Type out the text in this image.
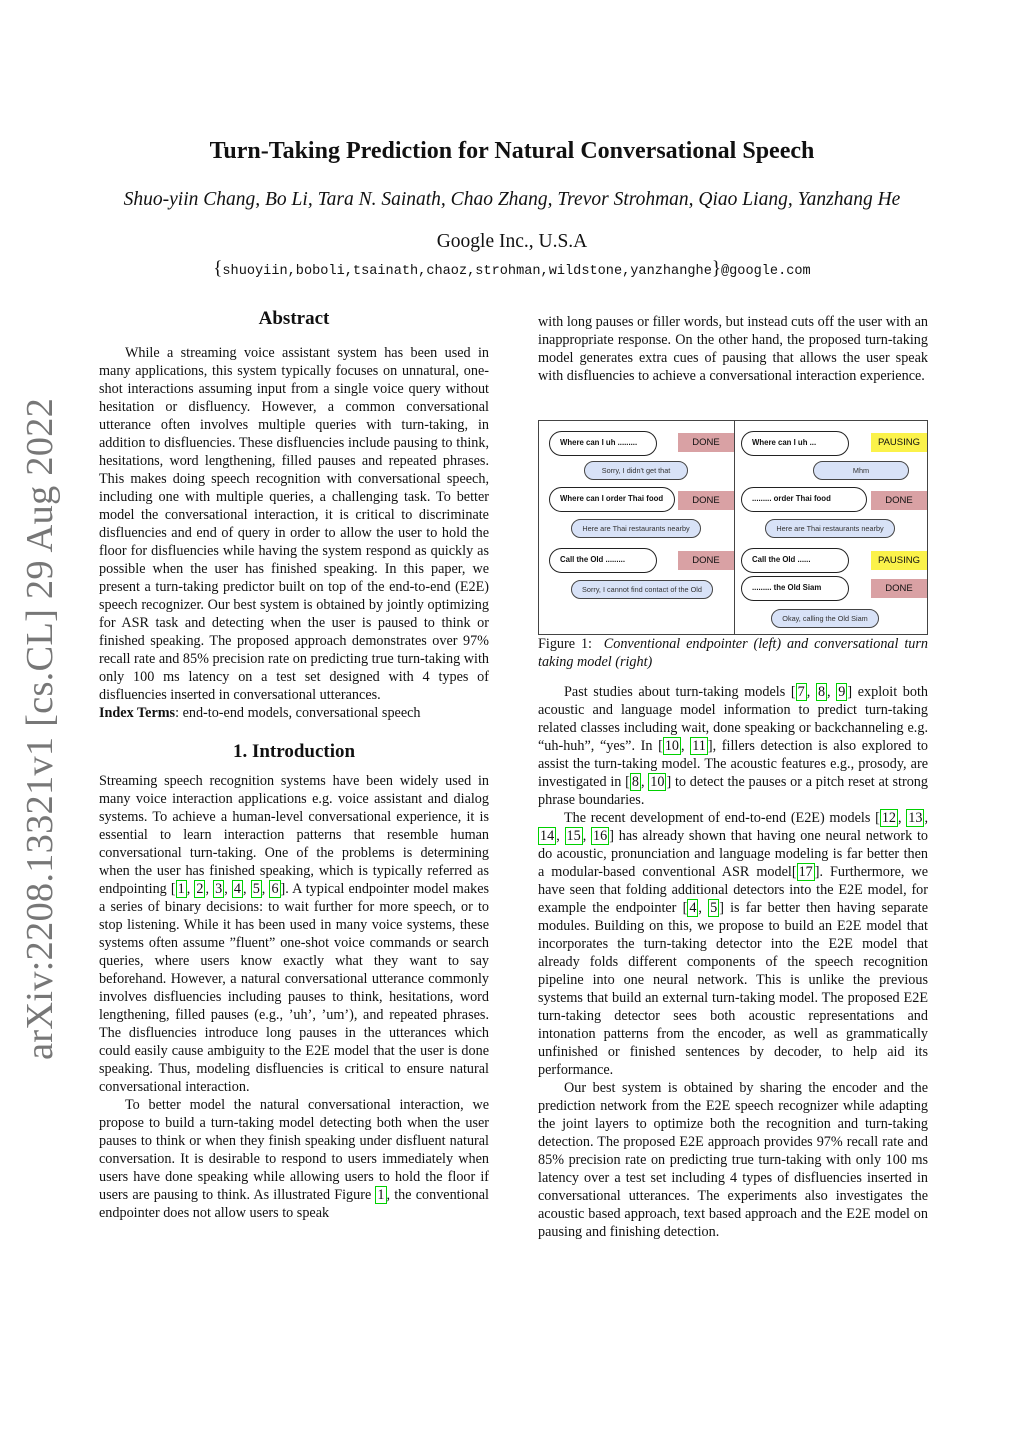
arXiv:2208.13321v1 [cs.CL] 29 Aug 2022
Turn-Taking Prediction for Natural Conversational Speech
Shuo-yiin Chang, Bo Li, Tara N. Sainath, Chao Zhang, Trevor Strohman, Qiao Liang, Yanzhang He
Google Inc., U.S.A
{shuoyiin,boboli,tsainath,chaoz,strohman,wildstone,yanzhanghe}@google.com
Abstract

While a streaming voice assistant system has been used in many applications, this system typically focuses on unnatural, one-shot interactions assuming input from a single voice query without hesitation or disfluency. However, a common conversational utterance often involves multiple queries with turn-taking, in addition to disfluencies. These disfluencies include pausing to think, hesitations, word lengthening, filled pauses and repeated phrases. This makes doing speech recognition with conversational speech, including one with multiple queries, a challenging task. To better model the conversational interaction, it is critical to discriminate disfluencies and end of query in order to allow the user to hold the floor for disfluencies while having the system respond as quickly as possible when the user has finished speaking. In this paper, we present a turn-taking predictor built on top of the end-to-end (E2E) speech recognizer. Our best system is obtained by jointly optimizing for ASR task and detecting when the user is paused to think or finished speaking. The proposed approach demonstrates over 97% recall rate and 85% precision rate on predicting true turn-taking with only 100 ms latency on a test set designed with 4 types of disfluencies inserted in conversational utterances.

Index Terms: end-to-end models, conversational speech

1. Introduction

Streaming speech recognition systems have been widely used in many voice interaction applications e.g. voice assistant and dialog systems. To achieve a human-level conversational experience, it is essential to learn interaction patterns that resemble human conversational turn-taking. One of the problems is determining when the user has finished speaking, which is typically referred as endpointing [ 1 , 2 , 3 , 4 , 5 , 6 ]. A typical endpointer model makes a series of binary decisions: to wait further for more speech, or to stop listening. While it has been used in many voice systems, these systems often assume ”fluent” one-shot voice commands or search queries, where users know exactly what they want to say beforehand. However, a natural conversational utterance commonly involves disfluencies including pauses to think, hesitations, word lengthening, filled pauses (e.g., ’uh’, ’um’), and repeated phrases. The disfluencies introduce long pauses in the utterances which could easily cause ambiguity to the E2E model that the user is done speaking. Thus, modeling disfluencies is critical to ensure natural conversational interaction.

To better model the natural conversational interaction, we propose to build a turn-taking model detecting both when the user pauses to think or when they finish speaking under disfluent natural conversation. It is desirable to respond to users immediately when users have done speaking while allowing users to hold the floor if users are pausing to think. As illustrated Figure 1 , the conventional endpointer does not allow users to speak

with long pauses or filler words, but instead cuts off the user with an inappropriate response. On the other hand, the proposed turn-taking model generates extra cues of pausing that allows the user speak with disfluencies to achieve a conversational interaction experience.

Where can I uh .........	DONE
Sorry, I didn't get that
Where can I order Thai food	DONE
Here are Thai restaurants nearby
Call the Old .........	DONE
Sorry, I cannot find contact of the Old
Where can I uh ...	PAUSING
Mhm
......... order Thai food	DONE
Here are Thai restaurants nearby
Call the Old ......	PAUSING
......... the Old Siam	DONE
Okay, calling the Old Siam

Figure 1: Conventional endpointer (left) and conversational turn taking model (right)

Past studies about turn-taking models [ 7 , 8 , 9 ] exploit both acoustic and language model information to predict turn-taking related classes including wait, done speaking or backchanneling e.g. “uh-huh”, “yes”. In [ 10 , 11 ], fillers detection is also explored to assist the turn-taking model. The acoustic features e.g., prosody, are investigated in [ 8 , 10 ] to detect the pauses or a pitch reset at strong phrase boundaries.

The recent development of end-to-end (E2E) models [ 12 , 13 , 14 , 15 , 16 ] has already shown that having one neural network to do acoustic, pronunciation and language modeling is far better then a modular-based conventional ASR model[ 17 ]. Furthermore, we have seen that folding additional detectors into the E2E model, for example the endpointer [ 4 , 5 ] is far better then having separate modules. Building on this, we propose to build an E2E model that incorporates the turn-taking detector into the E2E model that already folds different components of the speech recognition pipeline into one neural network. This is unlike the previous systems that build an external turn-taking model. The proposed E2E turn-taking detector sees both acoustic representations and intonation patterns from the encoder, as well as grammatically unfinished or finished sentences by decoder, to help aid its performance.

Our best system is obtained by sharing the encoder and the prediction network from the E2E speech recognizer while adapting the joint layers to optimize both the recognition and turn-taking detection. The proposed E2E approach provides 97% recall rate and 85% precision rate on predicting true turn-taking with only 100 ms latency over a test set including 4 types of disfluencies inserted in conversational utterances. The experiments also investigates the acoustic based approach, text based approach and the E2E model on pausing and finishing detection.
